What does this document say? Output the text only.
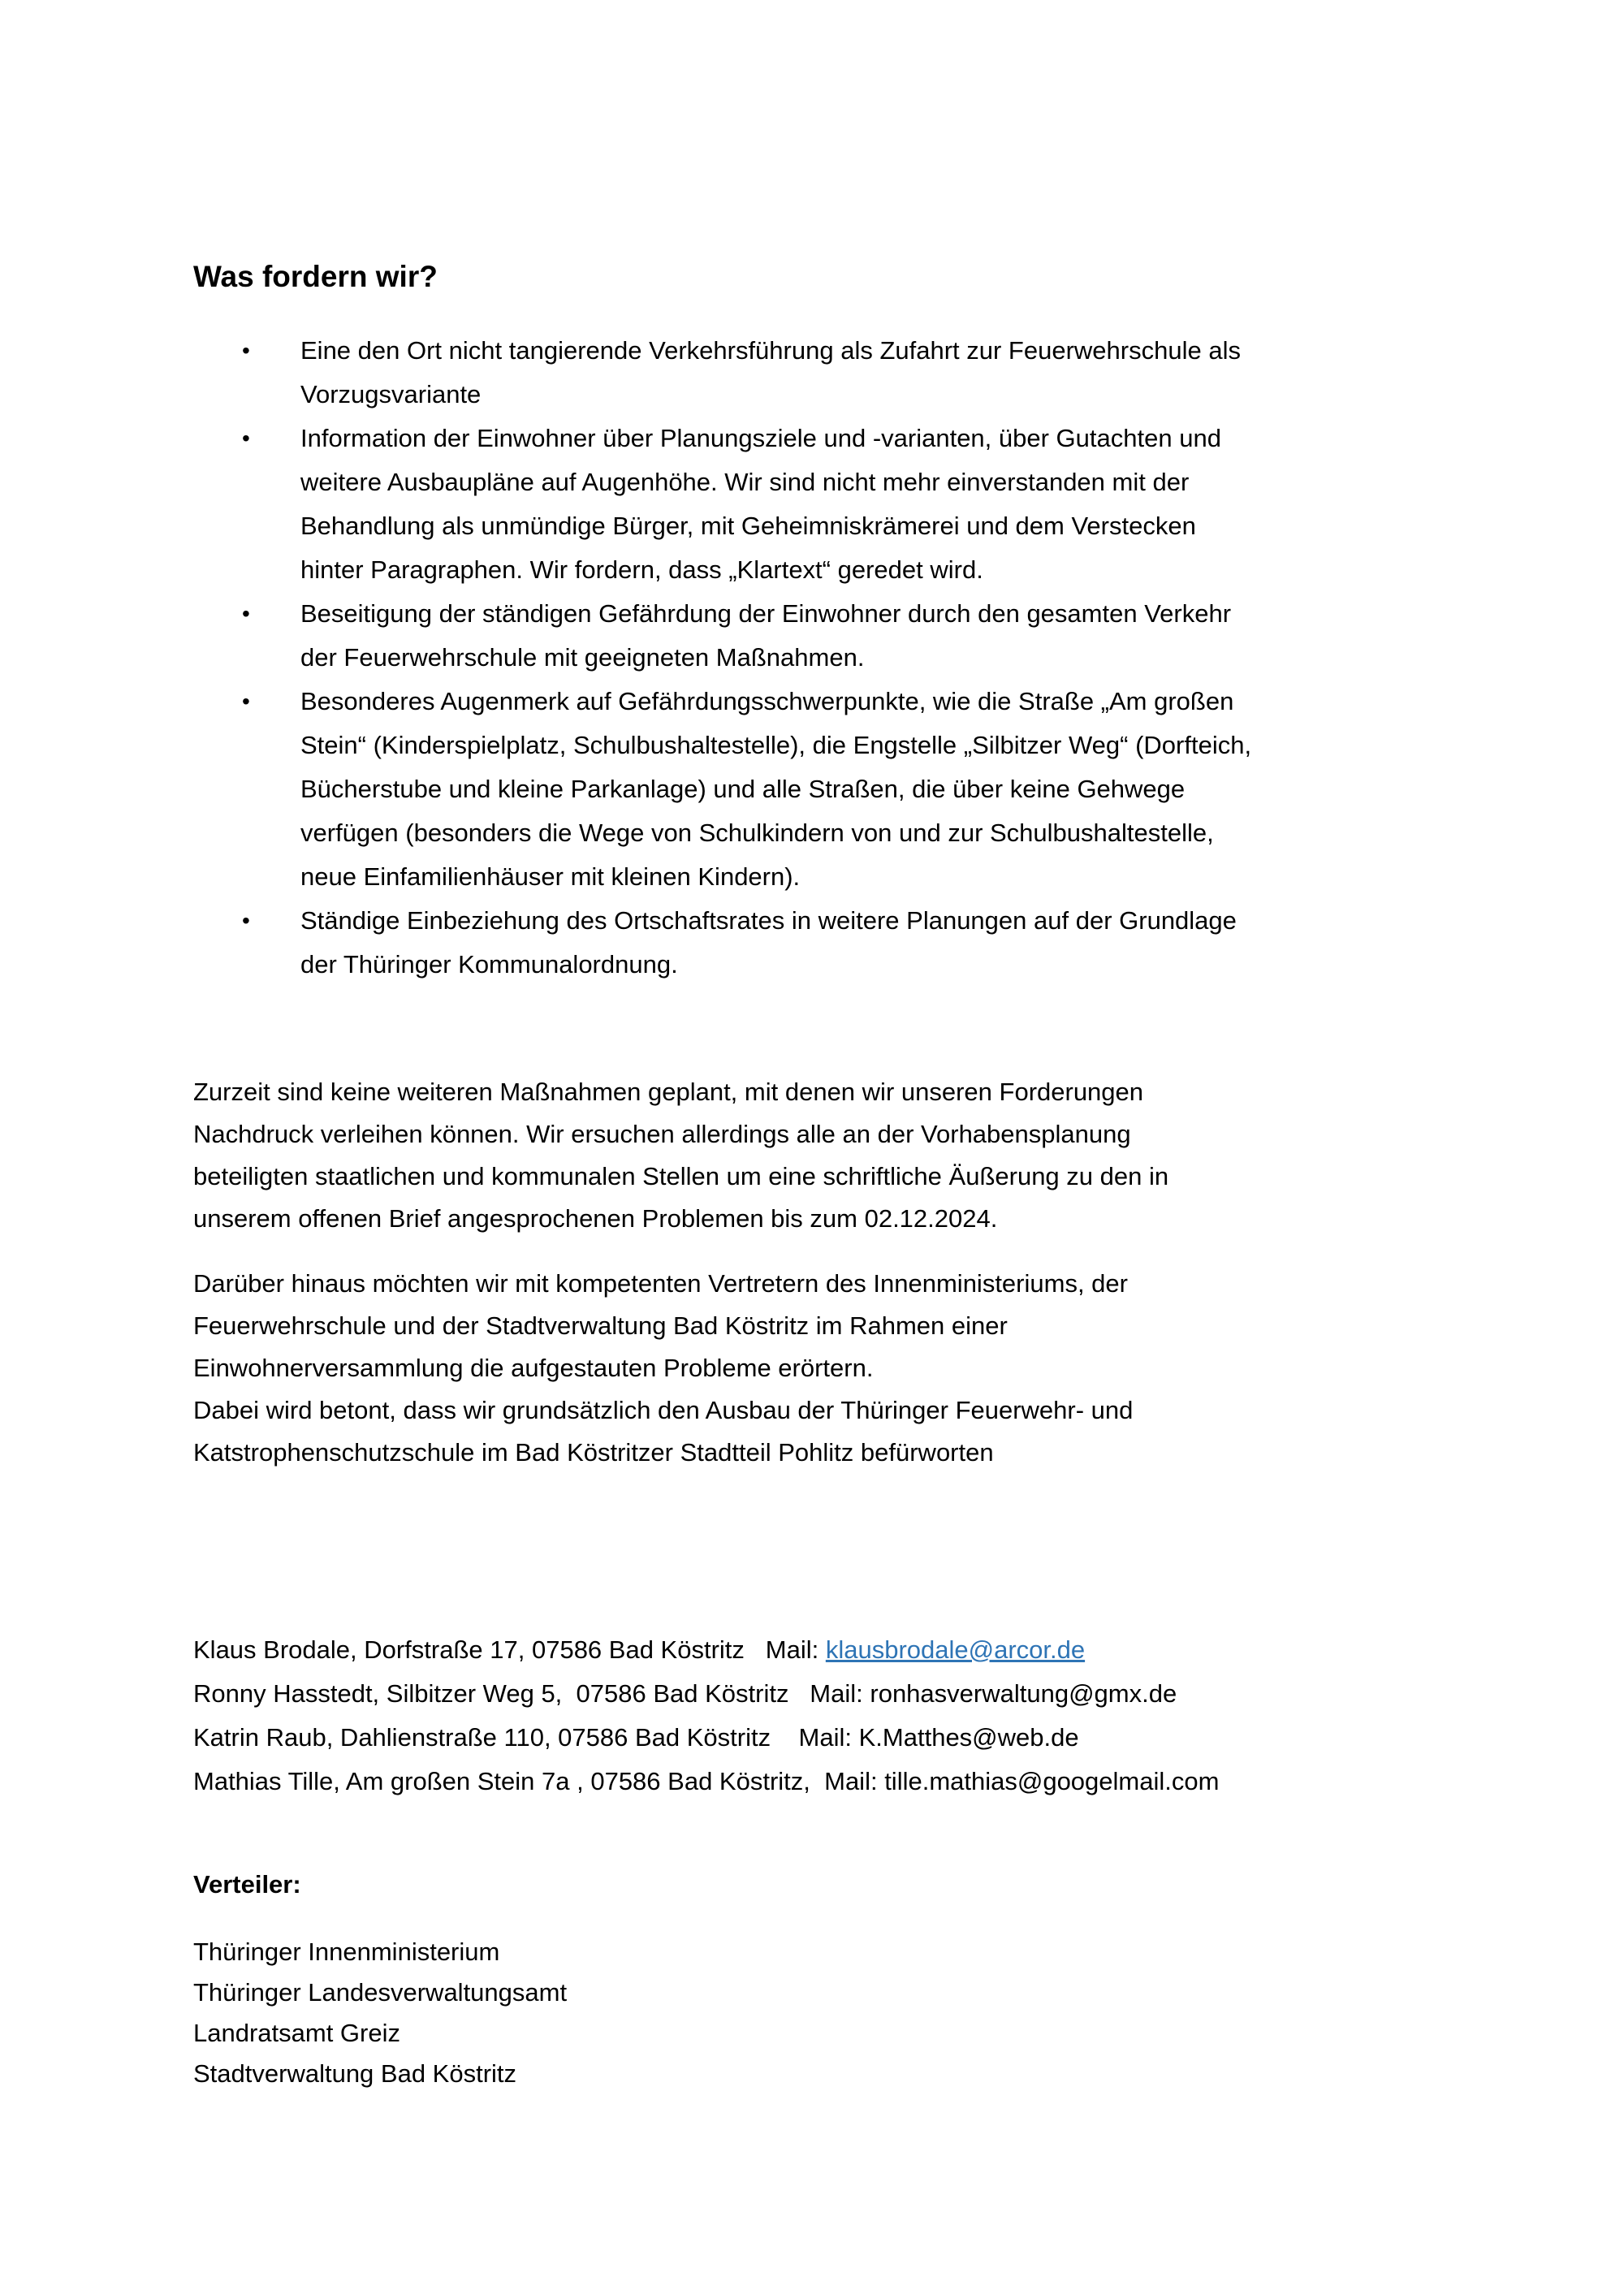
Was fordern wir?
• Eine den Ort nicht tangierende Verkehrsführung als Zufahrt zur Feuerwehrschule als
Vorzugsvariante
• Information der Einwohner über Planungsziele und -varianten, über Gutachten und
weitere Ausbaupläne auf Augenhöhe. Wir sind nicht mehr einverstanden mit der
Behandlung als unmündige Bürger, mit Geheimniskrämerei und dem Verstecken
hinter Paragraphen. Wir fordern, dass „Klartext“ geredet wird.
• Beseitigung der ständigen Gefährdung der Einwohner durch den gesamten Verkehr
der Feuerwehrschule mit geeigneten Maßnahmen.
• Besonderes Augenmerk auf Gefährdungsschwerpunkte, wie die Straße „Am großen
Stein“ (Kinderspielplatz, Schulbushaltestelle), die Engstelle „Silbitzer Weg“ (Dorfteich,
Bücherstube und kleine Parkanlage) und alle Straßen, die über keine Gehwege
verfügen (besonders die Wege von Schulkindern von und zur Schulbushaltestelle,
neue Einfamilienhäuser mit kleinen Kindern).
• Ständige Einbeziehung des Ortschaftsrates in weitere Planungen auf der Grundlage
der Thüringer Kommunalordnung.
Zurzeit sind keine weiteren Maßnahmen geplant, mit denen wir unseren Forderungen
Nachdruck verleihen können. Wir ersuchen allerdings alle an der Vorhabensplanung
beteiligten staatlichen und kommunalen Stellen um eine schriftliche Äußerung zu den in
unserem offenen Brief angesprochenen Problemen bis zum 02.12.2024.
Darüber hinaus möchten wir mit kompetenten Vertretern des Innenministeriums, der
Feuerwehrschule und der Stadtverwaltung Bad Köstritz im Rahmen einer
Einwohnerversammlung die aufgestauten Probleme erörtern.
Dabei wird betont, dass wir grundsätzlich den Ausbau der Thüringer Feuerwehr- und
Katstrophenschutzschule im Bad Köstritzer Stadtteil Pohlitz befürworten
Klaus Brodale, Dorfstraße 17, 07586 Bad Köstritz   Mail: klausbrodale@arcor.de
Ronny Hasstedt, Silbitzer Weg 5,  07586 Bad Köstritz   Mail: ronhasverwaltung@gmx.de
Katrin Raub, Dahlienstraße 110, 07586 Bad Köstritz    Mail: K.Matthes@web.de
Mathias Tille, Am großen Stein 7a , 07586 Bad Köstritz,  Mail: tille.mathias@googelmail.com
Verteiler:
Thüringer Innenministerium
Thüringer Landesverwaltungsamt
Landratsamt Greiz
Stadtverwaltung Bad Köstritz
